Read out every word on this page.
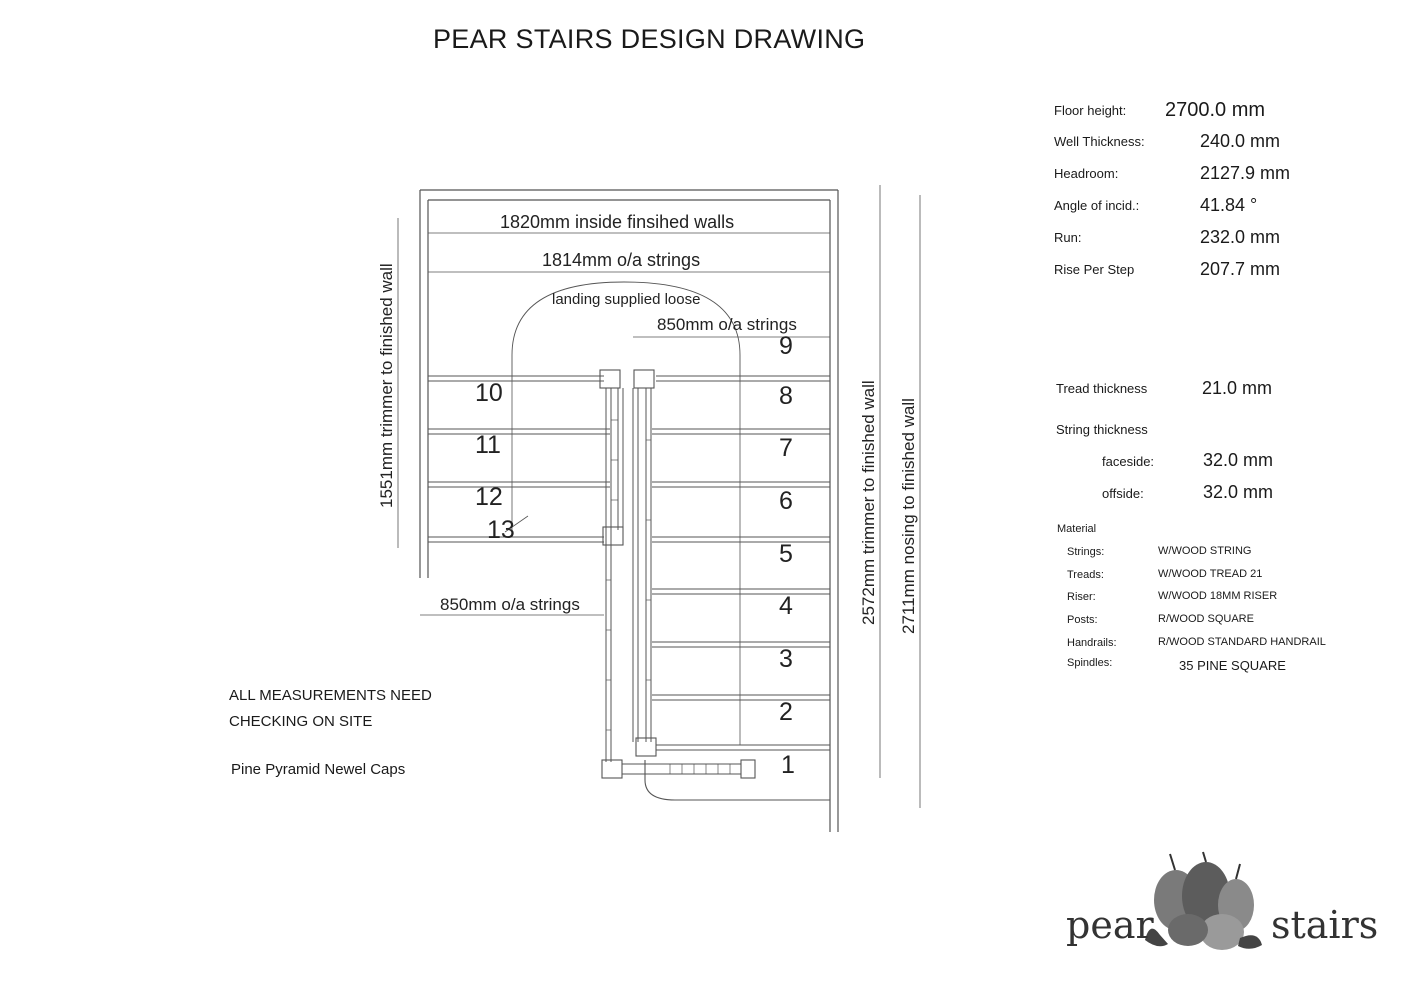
1820mm inside finsihed walls
1814mm o/a strings
landing supplied loose
850mm o/a strings
850mm o/a strings
1551mm trimmer to finished wall	2572mm trimmer to finished wall 2711mm nosing to finished wall
1
2
3
4
5
6
7
8
9
10
11
12
13
PEAR STAIRS DESIGN DRAWING
Floor height: 2700.0 mm
Well Thickness:	240.0 mm
Headroom:	2127.9 mm
Angle of incid.:	41.84 °
Run:	232.0 mm
Rise Per Step	207.7 mm
Tread thickness	21.0 mm
String thickness
faceside:	32.0 mm
offside:	32.0 mm
Material
Strings:	W/WOOD STRING
Treads:	W/WOOD TREAD 21
Riser:	W/WOOD 18MM RISER
Posts:	R/WOOD SQUARE
Handrails:	R/WOOD STANDARD HANDRAIL
Spindles:	35 PINE SQUARE
ALL MEASUREMENTS NEED
CHECKING ON SITE
Pine Pyramid Newel Caps
pear	stairs
